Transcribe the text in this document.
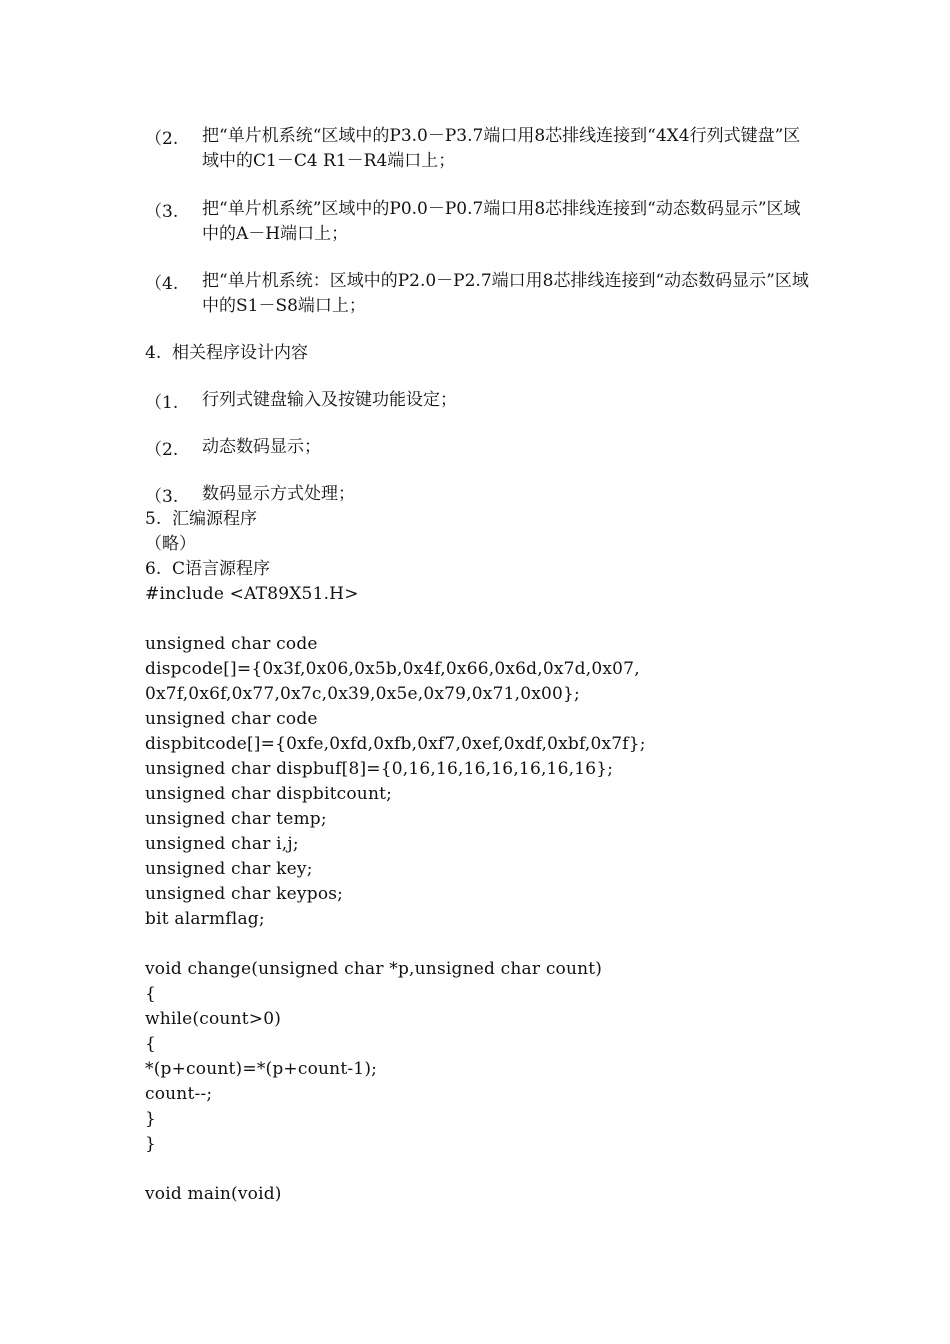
（2. 把“单片机系统“区域中的P3.0－P3.7端口用8芯排线连接到“4X4行列式键盘”区域中的C1－C4 R1－R4端口上；
（3. 把“单片机系统”区域中的P0.0－P0.7端口用8芯排线连接到“动态数码显示”区域中的A－H端口上；
（4. 把“单片机系统：区域中的P2.0－P2.7端口用8芯排线连接到“动态数码显示”区域中的S1－S8端口上；
4.  相关程序设计内容
（1. 行列式键盘输入及按键功能设定；
（2. 动态数码显示；
（3. 数码显示方式处理；
5.  汇编源程序
（略）
6.  C语言源程序
#include <AT89X51.H>
unsigned char code
dispcode[]={0x3f,0x06,0x5b,0x4f,0x66,0x6d,0x7d,0x07,
0x7f,0x6f,0x77,0x7c,0x39,0x5e,0x79,0x71,0x00};
unsigned char code
dispbitcode[]={0xfe,0xfd,0xfb,0xf7,0xef,0xdf,0xbf,0x7f};
unsigned char dispbuf[8]={0,16,16,16,16,16,16,16};
unsigned char dispbitcount;
unsigned char temp;
unsigned char i,j;
unsigned char key;
unsigned char keypos;
bit alarmflag;
void change(unsigned char *p,unsigned char count)
{
while(count>0)
{
*(p+count)=*(p+count-1);
count--;
}
}
void main(void)
